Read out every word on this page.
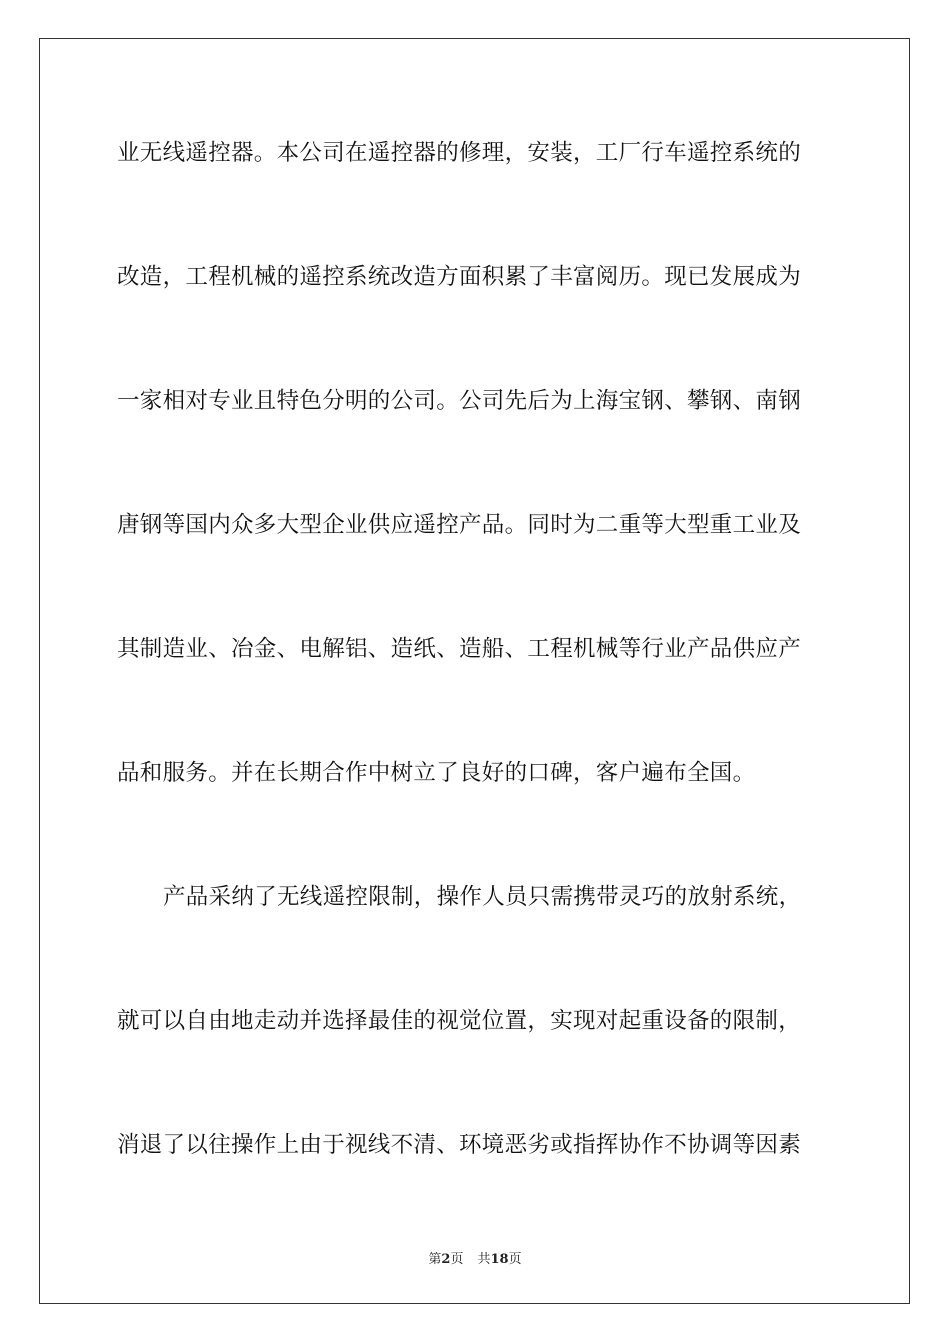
业无线遥控器。本公司在遥控器的修理，安装，工厂行车遥控系统的
改造，工程机械的遥控系统改造方面积累了丰富阅历。现已发展成为
一家相对专业且特色分明的公司。公司先后为上海宝钢、攀钢、南钢
唐钢等国内众多大型企业供应遥控产品。同时为二重等大型重工业及
其制造业、冶金、电解铝、造纸、造船、工程机械等行业产品供应产
品和服务。并在长期合作中树立了良好的口碑，客户遍布全国。
产品采纳了无线遥控限制，操作人员只需携带灵巧的放射系统，
就可以自由地走动并选择最佳的视觉位置，实现对起重设备的限制，
消退了以往操作上由于视线不清、环境恶劣或指挥协作不协调等因素
第2页 共18页
